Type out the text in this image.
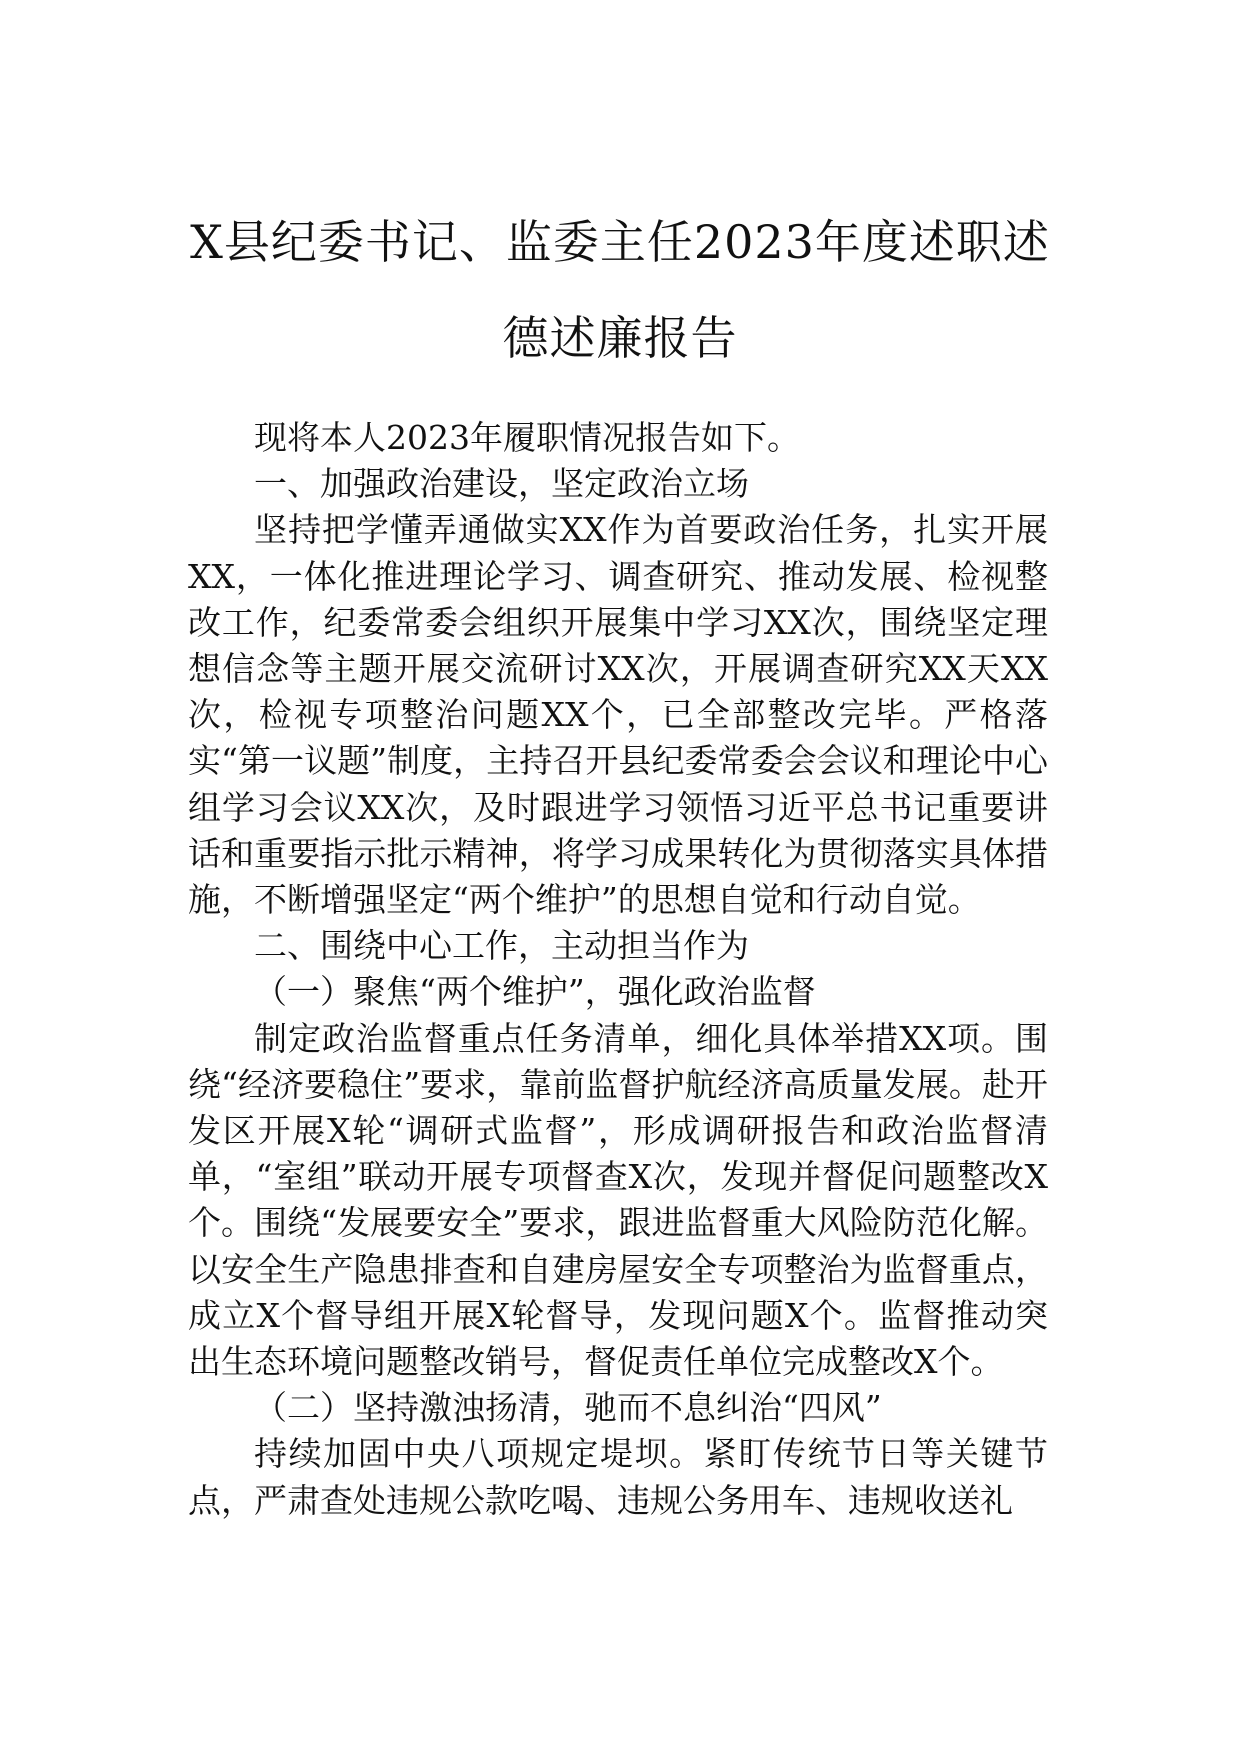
X县纪委书记、监委主任2023年度述职述
德述廉报告

现将本人2023年履职情况报告如下。

一、加强政治建设，坚定政治立场

坚持把学懂弄通做实XX作为首要政治任务，扎实开展XX，一体化推进理论学习、调查研究、推动发展、检视整改工作，纪委常委会组织开展集中学习XX次，围绕坚定理想信念等主题开展交流研讨XX次，开展调查研究XX天XX次，检视专项整治问题XX个，已全部整改完毕。严格落实“第一议题”制度，主持召开县纪委常委会会议和理论中心组学习会议XX次，及时跟进学习领悟习近平总书记重要讲话和重要指示批示精神，将学习成果转化为贯彻落实具体措施，不断增强坚定“两个维护”的思想自觉和行动自觉。

二、围绕中心工作，主动担当作为

（一）聚焦“两个维护”，强化政治监督

制定政治监督重点任务清单，细化具体举措XX项。围绕“经济要稳住”要求，靠前监督护航经济高质量发展。赴开发区开展X轮“调研式监督”，形成调研报告和政治监督清单，“室组”联动开展专项督查X次，发现并督促问题整改X个。围绕“发展要安全”要求，跟进监督重大风险防范化解。以安全生产隐患排查和自建房屋安全专项整治为监督重点，成立X个督导组开展X轮督导，发现问题X个。监督推动突出生态环境问题整改销号，督促责任单位完成整改X个。

（二）坚持激浊扬清，驰而不息纠治“四风”

持续加固中央八项规定堤坝。紧盯传统节日等关键节点，严肃查处违规公款吃喝、违规公务用车、违规收送礼
